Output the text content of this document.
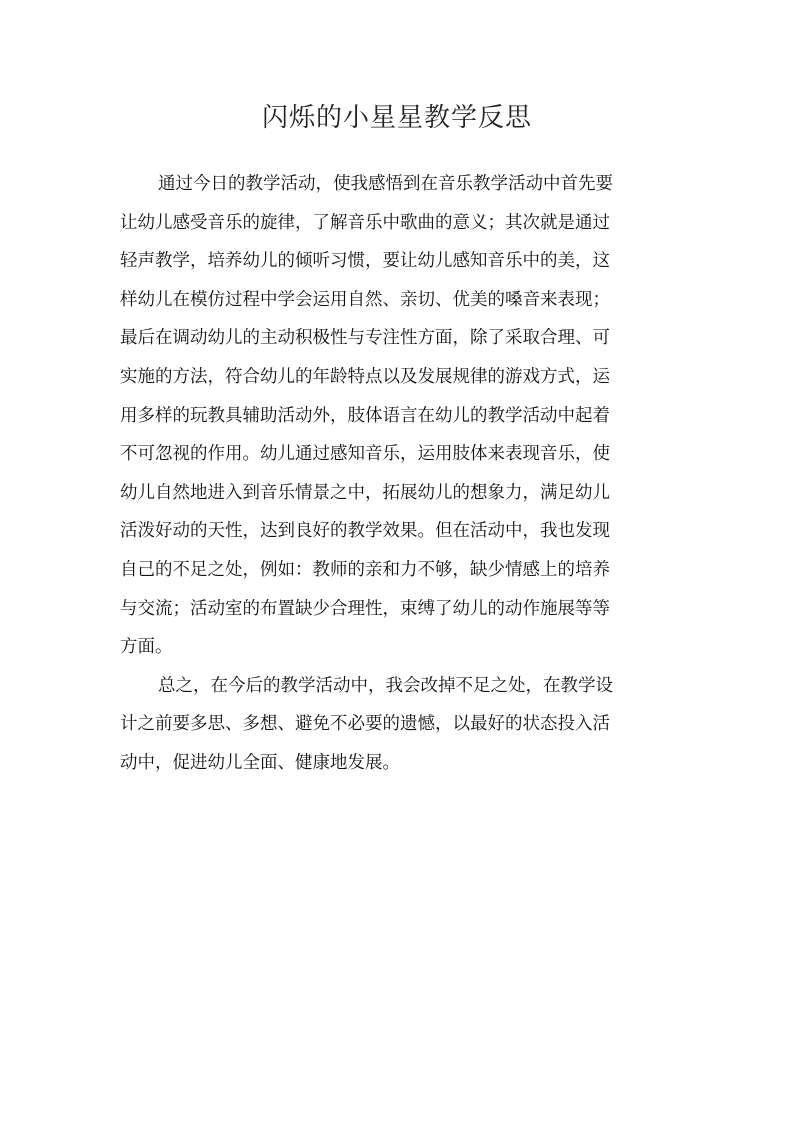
闪烁的小星星教学反思
通过今日的教学活动，使我感悟到在音乐教学活动中首先要
让幼儿感受音乐的旋律，了解音乐中歌曲的意义；其次就是通过
轻声教学，培养幼儿的倾听习惯，要让幼儿感知音乐中的美，这
样幼儿在模仿过程中学会运用自然、亲切、优美的嗓音来表现；
最后在调动幼儿的主动积极性与专注性方面，除了采取合理、可
实施的方法，符合幼儿的年龄特点以及发展规律的游戏方式，运
用多样的玩教具辅助活动外，肢体语言在幼儿的教学活动中起着
不可忽视的作用。幼儿通过感知音乐，运用肢体来表现音乐，使
幼儿自然地进入到音乐情景之中，拓展幼儿的想象力，满足幼儿
活泼好动的天性，达到良好的教学效果。但在活动中，我也发现
自己的不足之处，例如：教师的亲和力不够，缺少情感上的培养
与交流；活动室的布置缺少合理性，束缚了幼儿的动作施展等等
方面。
总之，在今后的教学活动中，我会改掉不足之处，在教学设
计之前要多思、多想、避免不必要的遗憾，以最好的状态投入活
动中，促进幼儿全面、健康地发展。
